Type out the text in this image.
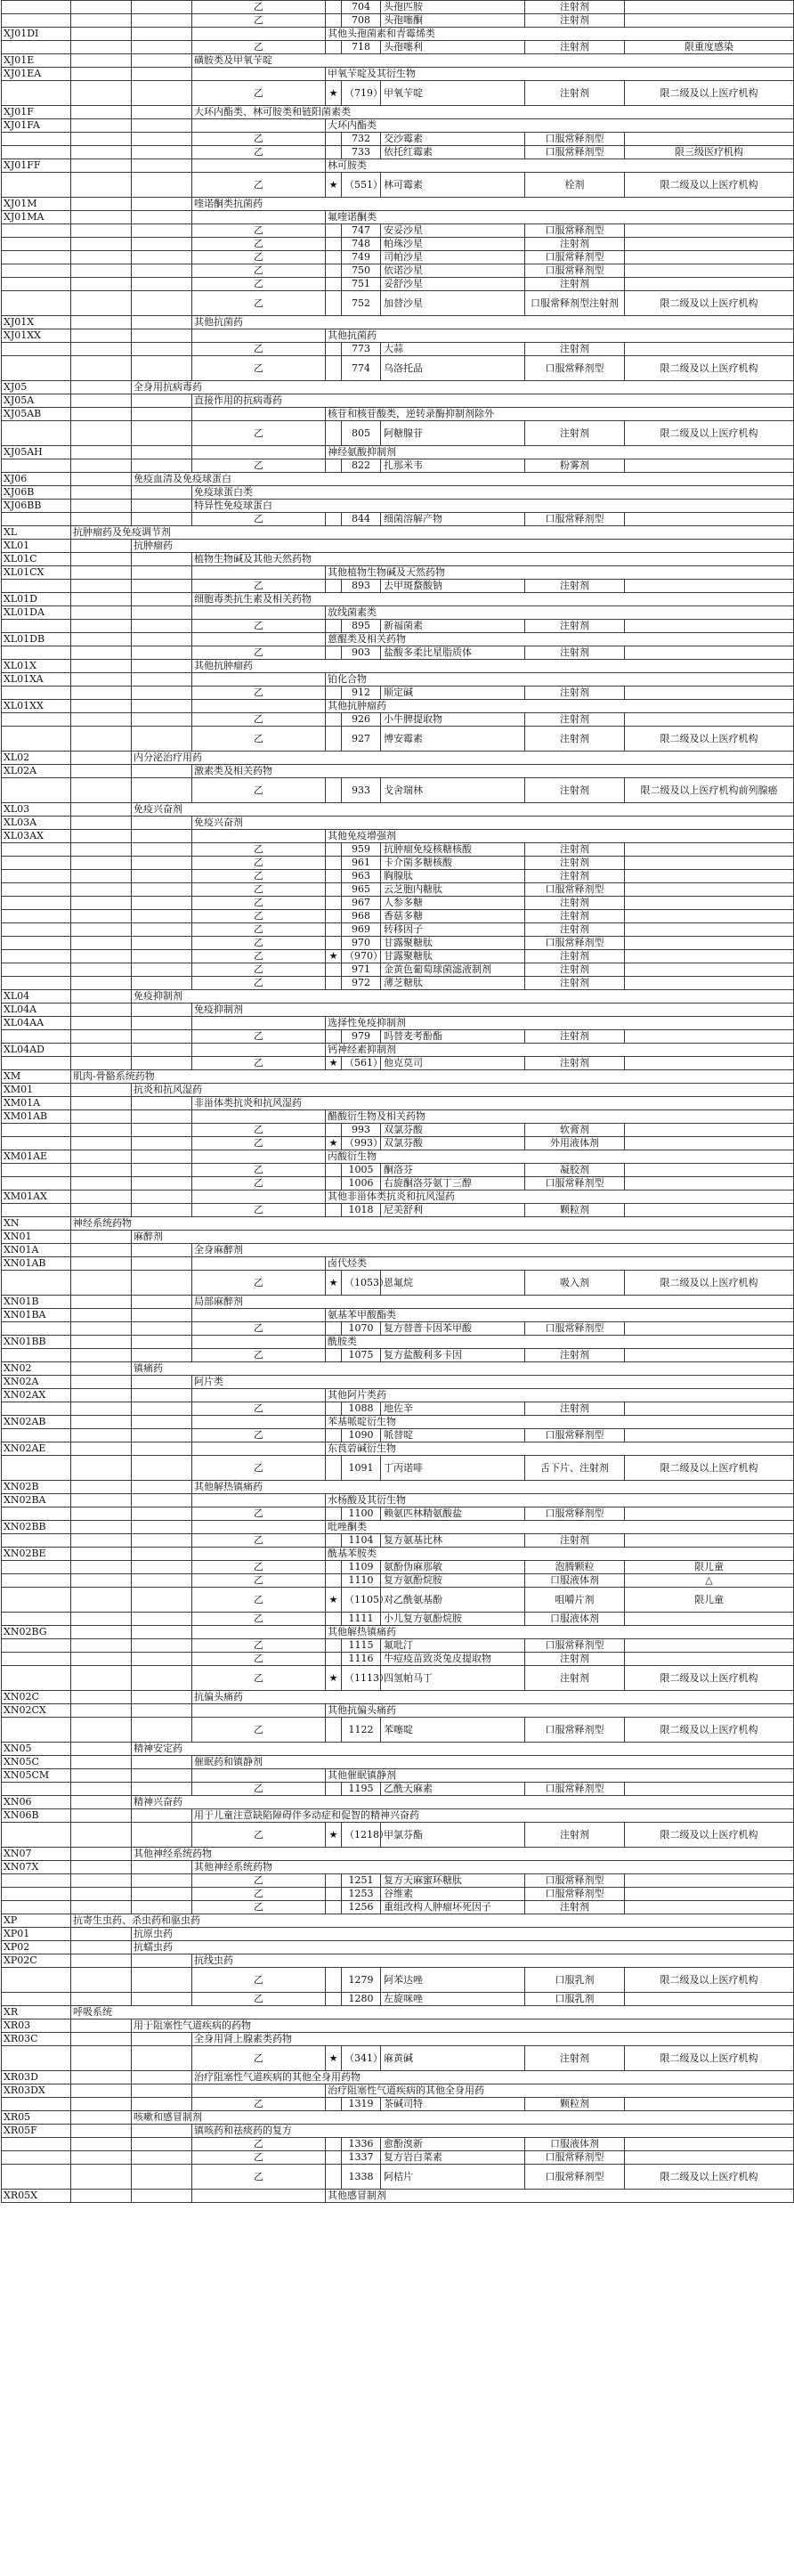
			乙		704	头孢匹胺	注射剂	
			乙		708	头孢噻酮	注射剂	
XJ01DI				其他头孢菌素和青霉烯类				
			乙		718	头孢噻利	注射剂	限重度感染
XJ01E			磺胺类及甲氧苄啶					
XJ01EA				甲氧苄啶及其衍生物				
			乙	★	（719）	甲氧苄啶	注射剂	限二级及以上医疗机构
XJ01F			大环内酯类、林可胺类和链阳菌素类					
XJ01FA				大环内酯类				
			乙		732	交沙霉素	口服常释剂型	
			乙		733	依托红霉素	口服常释剂型	限三级医疗机构
XJ01FF				林可胺类				
			乙	★	（551）	林可霉素	栓剂	限二级及以上医疗机构
XJ01M			喹诺酮类抗菌药					
XJ01MA				氟喹诺酮类				
			乙		747	安妥沙星	口服常释剂型	
			乙		748	帕珠沙星	注射剂	
			乙		749	司帕沙星	口服常释剂型	
			乙		750	依诺沙星	口服常释剂型	
			乙		751	妥舒沙星	注射剂	
			乙		752	加替沙星	口服常释剂型注射剂	限二级及以上医疗机构
XJ01X			其他抗菌药					
XJ01XX				其他抗菌药				
			乙		773	大蒜	注射剂	
			乙		774	乌洛托品	口服常释剂型	限二级及以上医疗机构
XJ05		全身用抗病毒药						
XJ05A			直接作用的抗病毒药					
XJ05AB				核苷和核苷酸类，逆转录酶抑制剂除外				
			乙		805	阿糖腺苷	注射剂	限二级及以上医疗机构
XJ05AH				神经氨酸抑制剂				
			乙		822	扎那米韦	粉雾剂	
XJ06		免疫血清及免疫球蛋白						
XJ06B			免疫球蛋白类					
XJ06BB			特异性免疫球蛋白					
			乙		844	细菌溶解产物	口服常释剂型	
XL	抗肿瘤药及免疫调节剂							
XL01		抗肿瘤药						
XL01C			植物生物碱及其他天然药物					
XL01CX				其他植物生物碱及天然药物				
			乙		893	去甲斑蝥酸钠	注射剂	
XL01D			细胞毒类抗生素及相关药物					
XL01DA				放线菌素类				
			乙		895	新福菌素	注射剂	
XL01DB				蒽醌类及相关药物				
			乙		903	盐酸多柔比星脂质体	注射剂	
XL01X			其他抗肿瘤药					
XL01XA				铂化合物				
			乙		912	顺定碱	注射剂	
XL01XX				其他抗肿瘤药				
			乙		926	小牛脾提取物	注射剂	
			乙		927	博安霉素	注射剂	限二级及以上医疗机构
XL02		内分泌治疗用药						
XL02A			激素类及相关药物					
			乙		933	戈舍瑞林	注射剂	限二级及以上医疗机构前列腺癌
XL03		免疫兴奋剂						
XL03A			免疫兴奋剂					
XL03AX				其他免疫增强剂				
			乙		959	抗肿瘤免疫核糖核酸	注射剂	
			乙		961	卡介菌多糖核酸	注射剂	
			乙		963	胸腺肽	注射剂	
			乙		965	云芝胞内糖肽	口服常释剂型	
			乙		967	人参多糖	注射剂	
			乙		968	香菇多糖	注射剂	
			乙		969	转移因子	注射剂	
			乙		970	甘露聚糖肽	口服常释剂型	
			乙	★	（970）	甘露聚糖肽	注射剂	
			乙		971	金黄色葡萄球菌滤液制剂	注射剂	
			乙		972	薄芝糖肽	注射剂	
XL04		免疫抑制剂						
XL04A			免疫抑制剂					
XL04AA				选择性免疫抑制剂				
			乙		979	吗替麦考酚酯	注射剂	
XL04AD				钙神经素抑制剂				
			乙	★	（561）	他克莫司	注射剂	
XM	肌肉-骨骼系统药物							
XM01		抗炎和抗风湿药						
XM01A			非甾体类抗炎和抗风湿药					
XM01AB				醋酸衍生物及相关药物				
			乙		993	双氯芬酸	软膏剂	
			乙	★	（993）	双氯芬酸	外用液体剂	
XM01AE				丙酸衍生物				
			乙		1005	酮洛芬	凝胶剂	
			乙		1006	右旋酮洛芬氨丁三醇	口服常释剂型	
XM01AX				其他非甾体类抗炎和抗风湿药				
			乙		1018	尼美舒利	颗粒剂	
XN	神经系统药物							
XN01		麻醉剂						
XN01A			全身麻醉剂					
XN01AB				卤代烃类				
			乙	★	（1053）	恩氟烷	吸入剂	限二级及以上医疗机构
XN01B			局部麻醉剂					
XN01BA				氨基苯甲酸酯类				
			乙		1070	复方替普卡因苯甲酸	口服常释剂型	
XN01BB				酰胺类				
			乙		1075	复方盐酸利多卡因	注射剂	
XN02		镇痛药						
XN02A			阿片类					
XN02AX				其他阿片类药				
			乙		1088	地佐辛	注射剂	
XN02AB				苯基哌啶衍生物				
			乙		1090	哌替啶	口服常释剂型	
XN02AE				东莨菪碱衍生物				
			乙		1091	丁丙诺啡	舌下片、注射剂	限二级及以上医疗机构
XN02B			其他解热镇痛药					
XN02BA				水杨酸及其衍生物				
			乙		1100	赖氨匹林精氨酸盐	口服常释剂型	
XN02BB				吡唑酮类				
			乙		1104	复方氨基比林	注射剂	
XN02BE				酰基苯胺类				
			乙		1109	氨酚伪麻那敏	泡腾颗粒	限儿童
			乙		1110	复方氨酚烷胺	口服液体剂	△
			乙	★	（1105）	对乙酰氨基酚	咀嚼片剂	限儿童
			乙		1111	小儿复方氨酚烷胺	口服液体剂	
XN02BG				其他解热镇痛药				
			乙		1115	氟吡汀	口服常释剂型	
			乙		1116	牛痘疫苗致炎兔皮提取物	注射剂	
			乙	★	（1113）	四氢帕马丁	注射剂	限二级及以上医疗机构
XN02C			抗偏头痛药					
XN02CX				其他抗偏头痛药				
			乙		1122	苯噻啶	口服常释剂型	限二级及以上医疗机构
XN05		精神安定药						
XN05C			催眠药和镇静剂					
XN05CM				其他催眠镇静剂				
			乙		1195	乙酰天麻素	口服常释剂型	
XN06		精神兴奋药						
XN06B			用于儿童注意缺陷障碍伴多动症和促智的精神兴奋药					
			乙	★	（1218）	甲氯芬酯	注射剂	限二级及以上医疗机构
XN07		其他神经系统药物						
XN07X			其他神经系统药物					
			乙		1251	复方天麻蜜环糖肽	口服常释剂型	
			乙		1253	谷维素	口服常释剂型	
			乙		1256	重组改构人肿瘤坏死因子	注射剂	
XP	抗寄生虫药、杀虫药和驱虫药							
XP01		抗原虫药						
XP02		抗蠕虫药						
XP02C			抗线虫药					
			乙		1279	阿苯达唑	口服乳剂	限二级及以上医疗机构
			乙		1280	左旋咪唑	口服乳剂	
XR	呼吸系统							
XR03		用于阻塞性气道疾病的药物						
XR03C			全身用肾上腺素类药物					
			乙	★	（341）	麻黄碱	注射剂	限二级及以上医疗机构
XR03D			治疗阻塞性气道疾病的其他全身用药物					
XR03DX				治疗阻塞性气道疾病的其他全身用药				
			乙		1319	茶碱司特	颗粒剂	
XR05		咳嗽和感冒制剂						
XR05F			镇咳药和祛痰药的复方					
			乙		1336	愈酚溴新	口服液体剂	
			乙		1337	复方岩白菜素	口服常释剂型	
			乙		1338	阿桔片	口服常释剂型	限二级及以上医疗机构
XR05X				其他感冒制剂				
